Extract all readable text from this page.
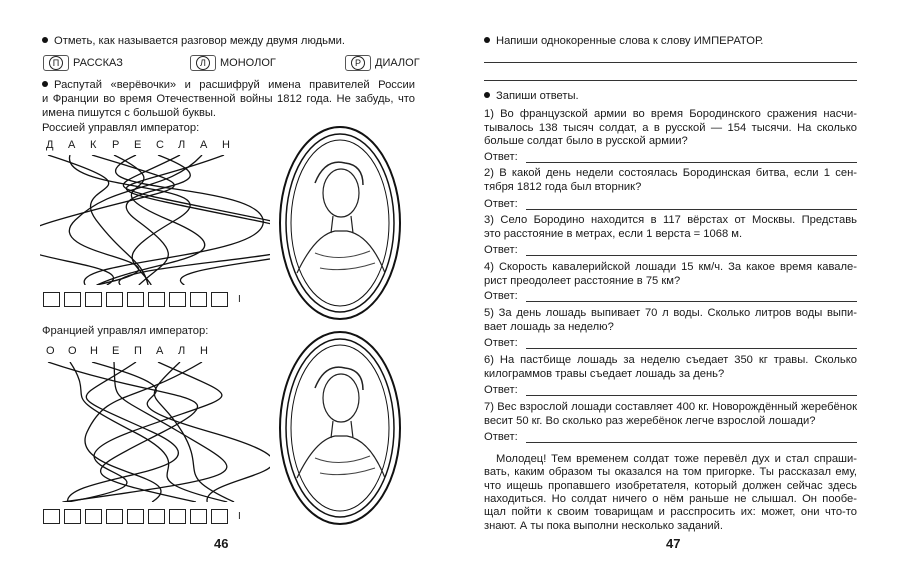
Отметь, как называется разговор между двумя людьми.
П	РАССКАЗ	Л	МОНОЛОГ	Р	ДИАЛОГ
Распутай «верёвочки» и расшифруй имена правителей России
и Франции во время Отечественной войны 1812 года. Не забудь, что
имена пишутся с большой буквы.
Россией управлял император:
Францией управлял император:
Д	А	К	Р	Е	С	Л	А	Н
О	О	Н	Е	П	А	Л	Н
I
I
46
Напиши однокоренные слова к слову ИМПЕРАТОР.
Запиши ответы.
1) Во французской армии во время Бородинского сражения насчи-
тывалось 138 тысяч солдат, а в русской — 154 тысячи. На сколько
больше солдат было в русской армии?
Ответ:
2) В какой день недели состоялась Бородинская битва, если 1 сен-
тября 1812 года был вторник?
Ответ:
3) Село Бородино находится в 117 вёрстах от Москвы. Представь
это расстояние в метрах, если 1 верста = 1068 м.
Ответ:
4) Скорость кавалерийской лошади 15 км/ч. За какое время кавале-
рист преодолеет расстояние в 75 км?
Ответ:
5) За день лошадь выпивает 70 л воды. Сколько литров воды выпи-
вает лошадь за неделю?
Ответ:
6) На пастбище лошадь за неделю съедает 350 кг травы. Сколько
килограммов травы съедает лошадь за день?
Ответ:
7) Вес взрослой лошади составляет 400 кг. Новорождённый жеребёнок
весит 50 кг. Во сколько раз жеребёнок легче взрослой лошади?
Ответ:
Молодец! Тем временем солдат тоже перевёл дух и стал спраши-
вать, каким образом ты оказался на том пригорке. Ты рассказал ему,
что ищешь пропавшего изобретателя, который должен сейчас здесь
находиться. Но солдат ничего о нём раньше не слышал. Он пообе-
щал пойти к своим товарищам и расспросить их: может, они что-то
знают. А ты пока выполни несколько заданий.
47
